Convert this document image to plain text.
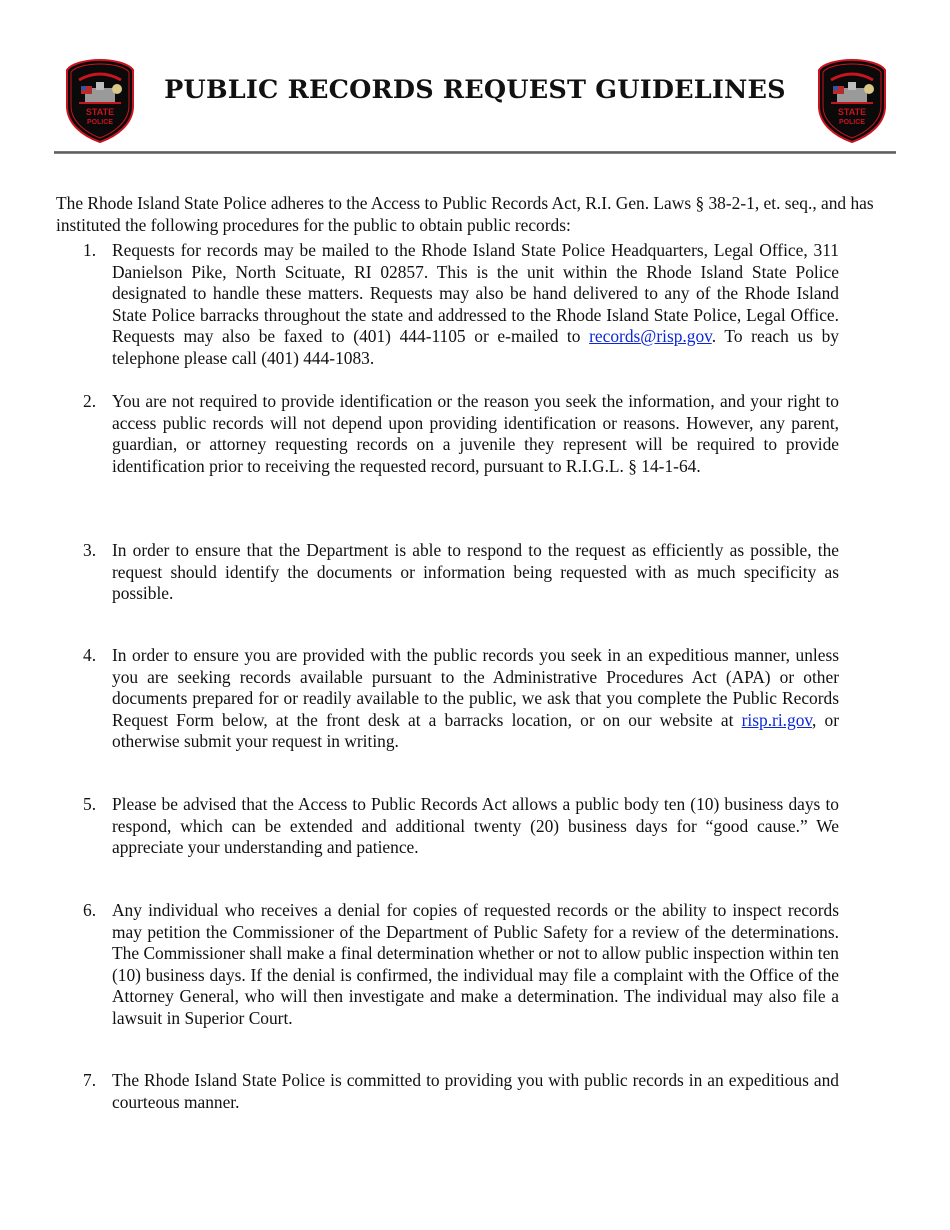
STATE
POLICE
PUBLIC RECORDS REQUEST GUIDELINES
STATE
POLICE

The Rhode Island State Police adheres to the Access to Public Records Act, R.I. Gen. Laws § 38-2-1, et. seq., and has instituted the following procedures for the public to obtain public records:

1. Requests for records may be mailed to the Rhode Island State Police Headquarters, Legal Office, 311 Danielson Pike, North Scituate, RI 02857. This is the unit within the Rhode Island State Police designated to handle these matters. Requests may also be hand delivered to any of the Rhode Island State Police barracks throughout the state and addressed to the Rhode Island State Police, Legal Office. Requests may also be faxed to (401) 444-1105 or e-mailed to records@risp.gov. To reach us by telephone please call (401) 444-1083.
2. You are not required to provide identification or the reason you seek the information, and your right to access public records will not depend upon providing identification or reasons. However, any parent, guardian, or attorney requesting records on a juvenile they represent will be required to provide identification prior to receiving the requested record, pursuant to R.I.G.L. § 14-1-64.
3. In order to ensure that the Department is able to respond to the request as efficiently as possible, the request should identify the documents or information being requested with as much specificity as possible.
4. In order to ensure you are provided with the public records you seek in an expeditious manner, unless you are seeking records available pursuant to the Administrative Procedures Act (APA) or other documents prepared for or readily available to the public, we ask that you complete the Public Records Request Form below, at the front desk at a barracks location, or on our website at risp.ri.gov, or otherwise submit your request in writing.
5. Please be advised that the Access to Public Records Act allows a public body ten (10) business days to respond, which can be extended and additional twenty (20) business days for “good cause.” We appreciate your understanding and patience.
6. Any individual who receives a denial for copies of requested records or the ability to inspect records may petition the Commissioner of the Department of Public Safety for a review of the determinations. The Commissioner shall make a final determination whether or not to allow public inspection within ten (10) business days. If the denial is confirmed, the individual may file a complaint with the Office of the Attorney General, who will then investigate and make a determination. The individual may also file a lawsuit in Superior Court.
7. The Rhode Island State Police is committed to providing you with public records in an expeditious and courteous manner.
